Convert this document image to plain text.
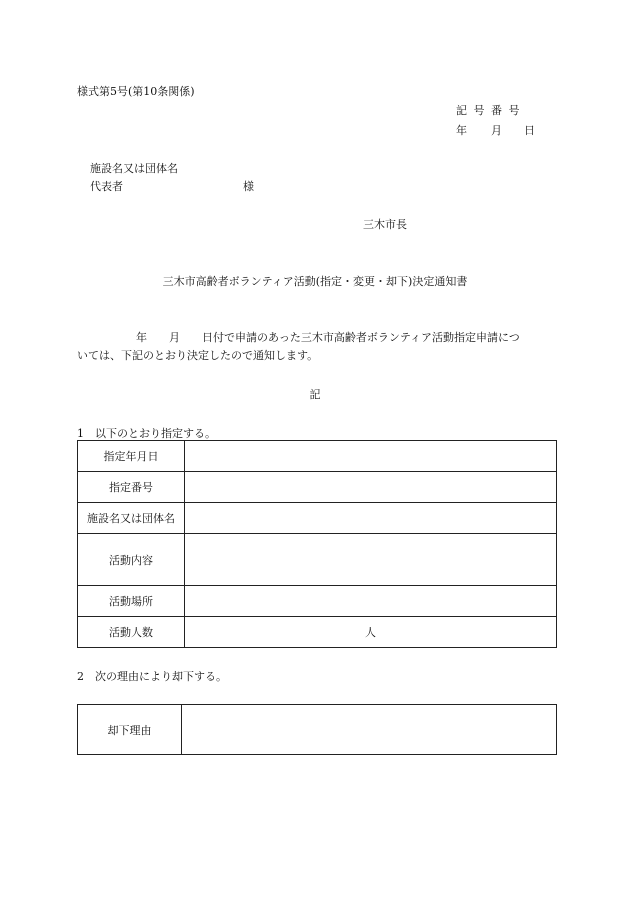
様式第5号(第10条関係)
記号番号
年 月 日
施設名又は団体名
代表者	様
三木市長
三木市高齢者ボランティア活動(指定・変更・却下)決定通知書
年　　月　　日付で申請のあった三木市高齢者ボランティア活動指定申請につ
いては、下記のとおり決定したので通知します。
記
1　以下のとおり指定する。
指定年月日	
指定番号	
施設名又は団体名	
活動内容	
活動場所	
活動人数	人
2　次の理由により却下する。
却下理由	
